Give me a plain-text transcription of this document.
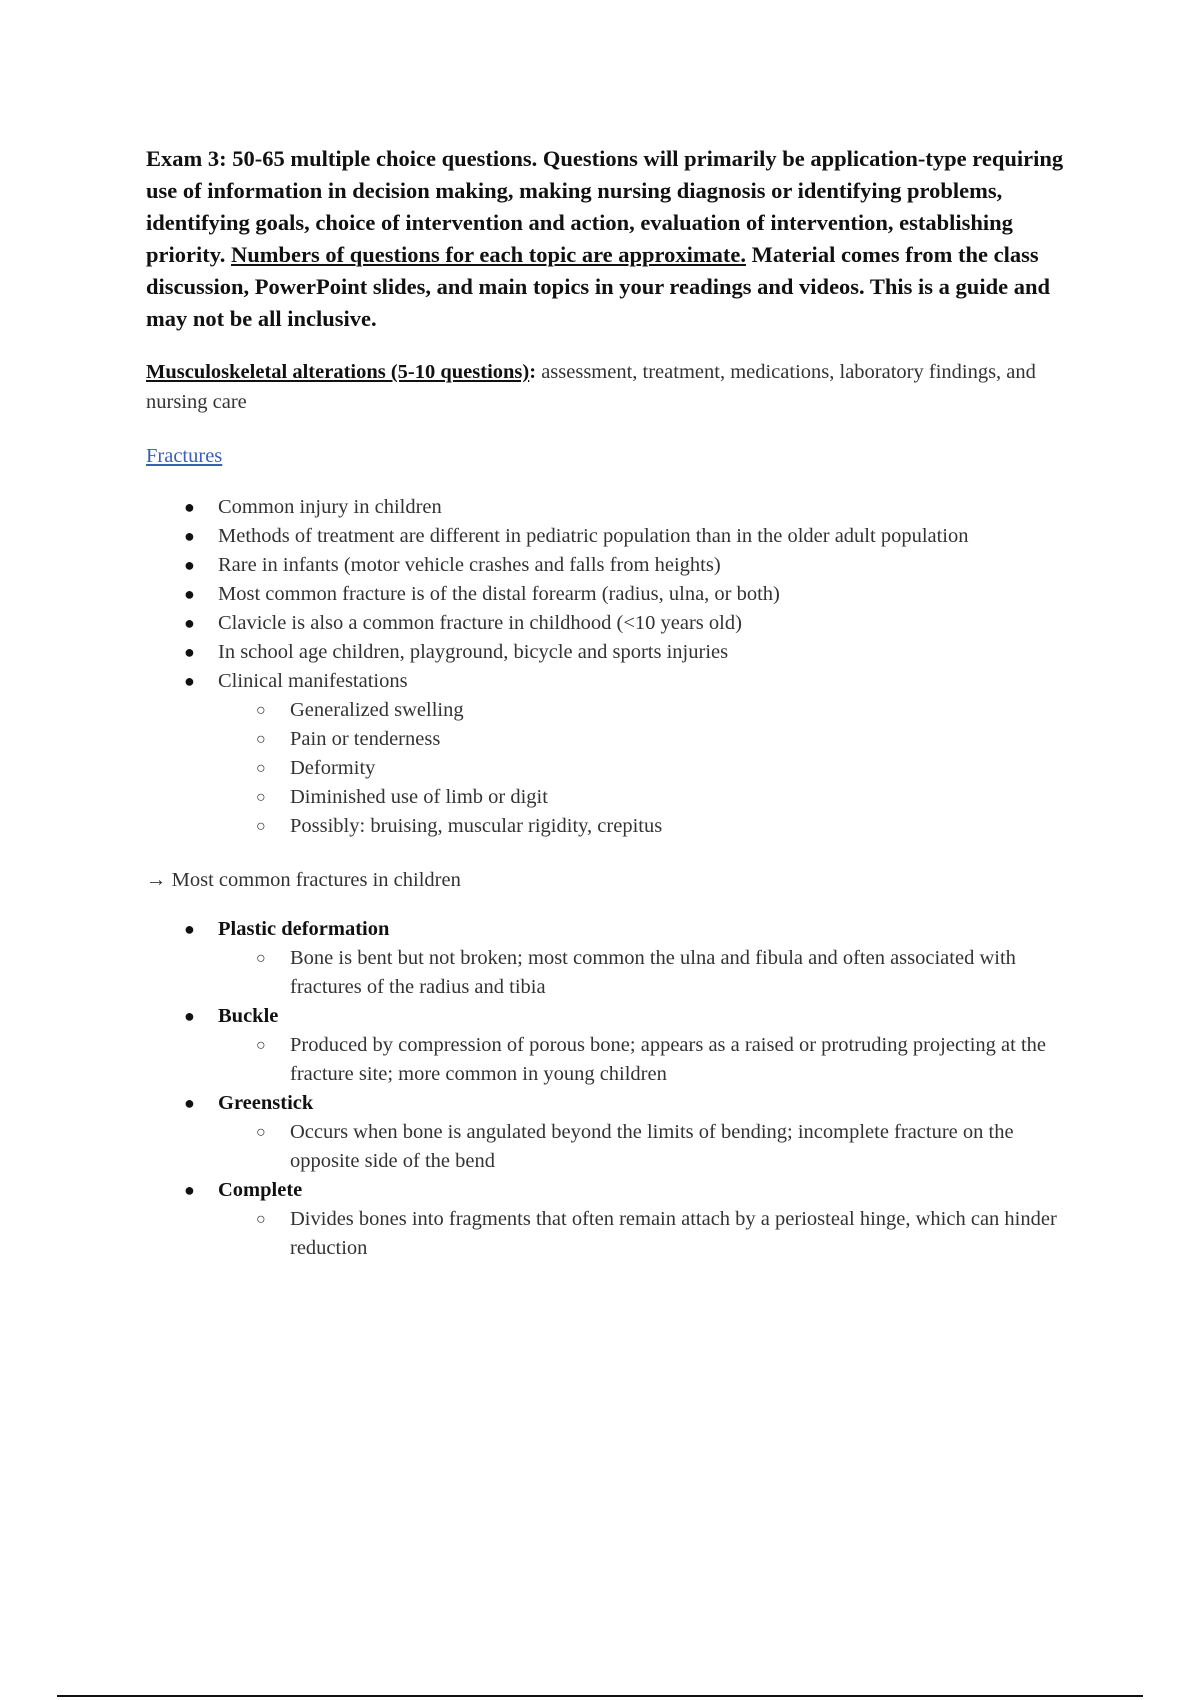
Exam 3: 50-65 multiple choice questions. Questions will primarily be application-type requiring use of information in decision making, making nursing diagnosis or identifying problems, identifying goals, choice of intervention and action, evaluation of intervention, establishing priority. Numbers of questions for each topic are approximate. Material comes from the class discussion, PowerPoint slides, and main topics in your readings and videos. This is a guide and may not be all inclusive.

Musculoskeletal alterations (5-10 questions): assessment, treatment, medications, laboratory findings, and nursing care
Fractures
● Common injury in children
● Methods of treatment are different in pediatric population than in the older adult population
● Rare in infants (motor vehicle crashes and falls from heights)
● Most common fracture is of the distal forearm (radius, ulna, or both)
● Clavicle is also a common fracture in childhood (<10 years old)
● In school age children, playground, bicycle and sports injuries
● Clinical manifestations
○ Generalized swelling
○ Pain or tenderness
○ Deformity
○ Diminished use of limb or digit
○ Possibly: bruising, muscular rigidity, crepitus
→ Most common fractures in children
● Plastic deformation
○ Bone is bent but not broken; most common the ulna and fibula and often associated with fractures of the radius and tibia
● Buckle
○ Produced by compression of porous bone; appears as a raised or protruding projecting at the fracture site; more common in young children
● Greenstick
○ Occurs when bone is angulated beyond the limits of bending; incomplete fracture on the opposite side of the bend
● Complete
○ Divides bones into fragments that often remain attach by a periosteal hinge, which can hinder reduction
